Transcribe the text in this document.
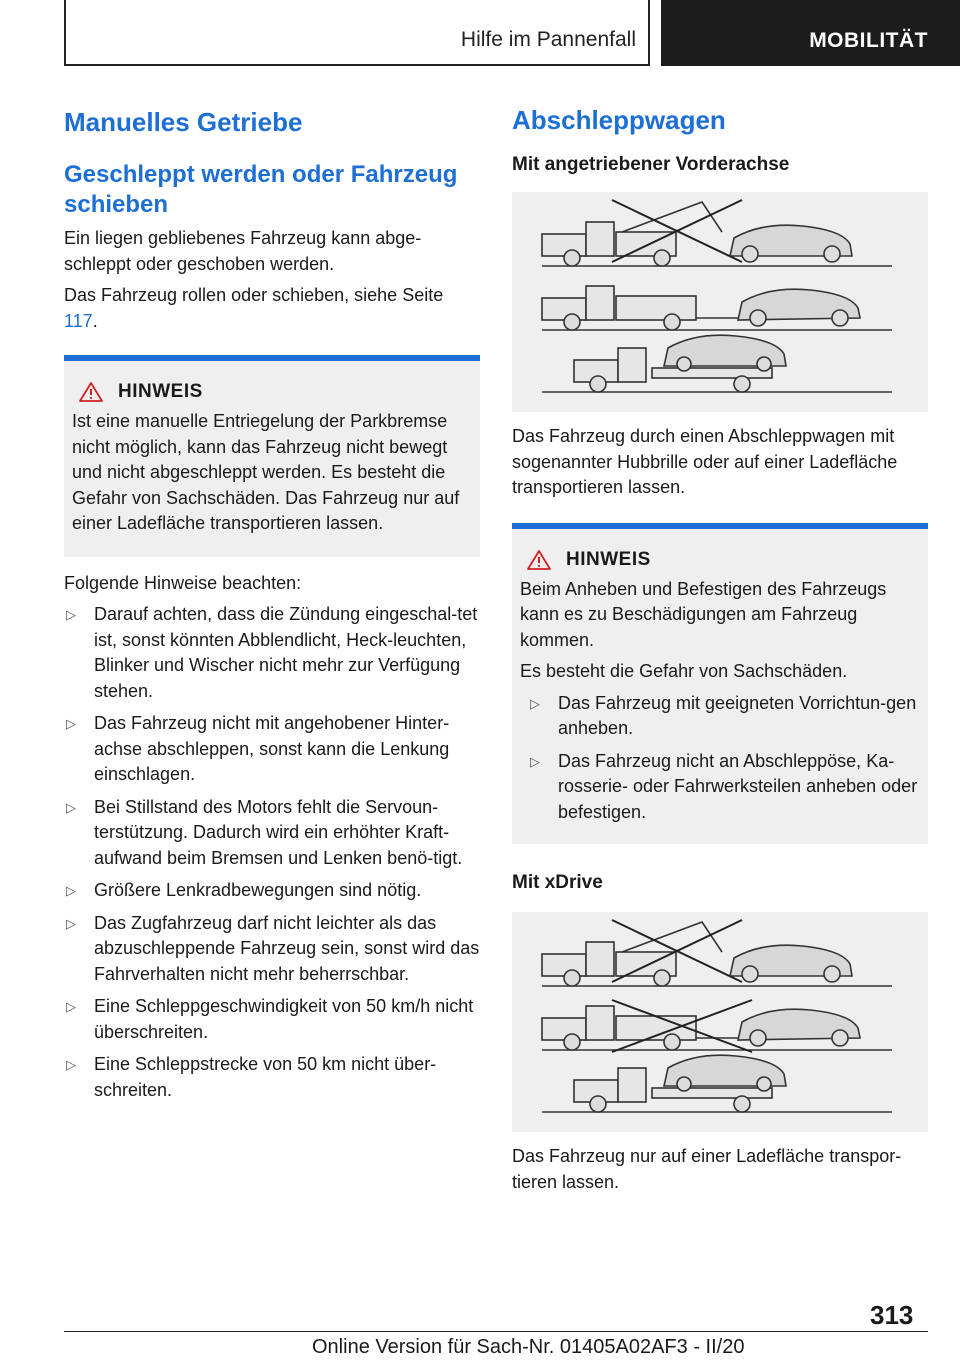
Hilfe im Pannenfall	MOBILITÄT
Manuelles Getriebe
Geschleppt werden oder Fahrzeug schieben

Ein liegen gebliebenes Fahrzeug kann abge‐schleppt oder geschoben werden.

Das Fahrzeug rollen oder schieben, siehe Seite 117.

HINWEIS

Ist eine manuelle Entriegelung der Parkbremse nicht möglich, kann das Fahrzeug nicht bewegt und nicht abgeschleppt werden. Es besteht die Gefahr von Sachschäden. Das Fahrzeug nur auf einer Ladefläche transportieren lassen.

Folgende Hinweise beachten:

▷	Darauf achten, dass die Zündung eingeschal‐tet ist, sonst könnten Abblendlicht, Heck‐leuchten, Blinker und Wischer nicht mehr zur Verfügung stehen.
▷	Das Fahrzeug nicht mit angehobener Hinter‐achse abschleppen, sonst kann die Lenkung einschlagen.
▷	Bei Stillstand des Motors fehlt die Servoun‐terstützung. Dadurch wird ein erhöhter Kraft‐aufwand beim Bremsen und Lenken benö‐tigt.
▷	Größere Lenkradbewegungen sind nötig.
▷	Das Zugfahrzeug darf nicht leichter als das abzuschleppende Fahrzeug sein, sonst wird das Fahrverhalten nicht mehr beherrschbar.
▷	Eine Schleppgeschwindigkeit von 50 km/h nicht überschreiten.
▷	Eine Schleppstrecke von 50 km nicht über‐schreiten.
Abschleppwagen
Mit angetriebener Vorderachse

Das Fahrzeug durch einen Abschleppwagen mit sogenannter Hubbrille oder auf einer Ladefläche transportieren lassen.

HINWEIS

Beim Anheben und Befestigen des Fahrzeugs kann es zu Beschädigungen am Fahrzeug kommen.

Es besteht die Gefahr von Sachschäden.

▷	Das Fahrzeug mit geeigneten Vorrichtun‐gen anheben.
▷	Das Fahrzeug nicht an Abschleppöse, Ka‐rosserie- oder Fahrwerksteilen anheben oder befestigen.
Mit xDrive

Das Fahrzeug nur auf einer Ladefläche transpor‐tieren lassen.

313
Online Version für Sach-Nr. 01405A02AF3 - II/20
